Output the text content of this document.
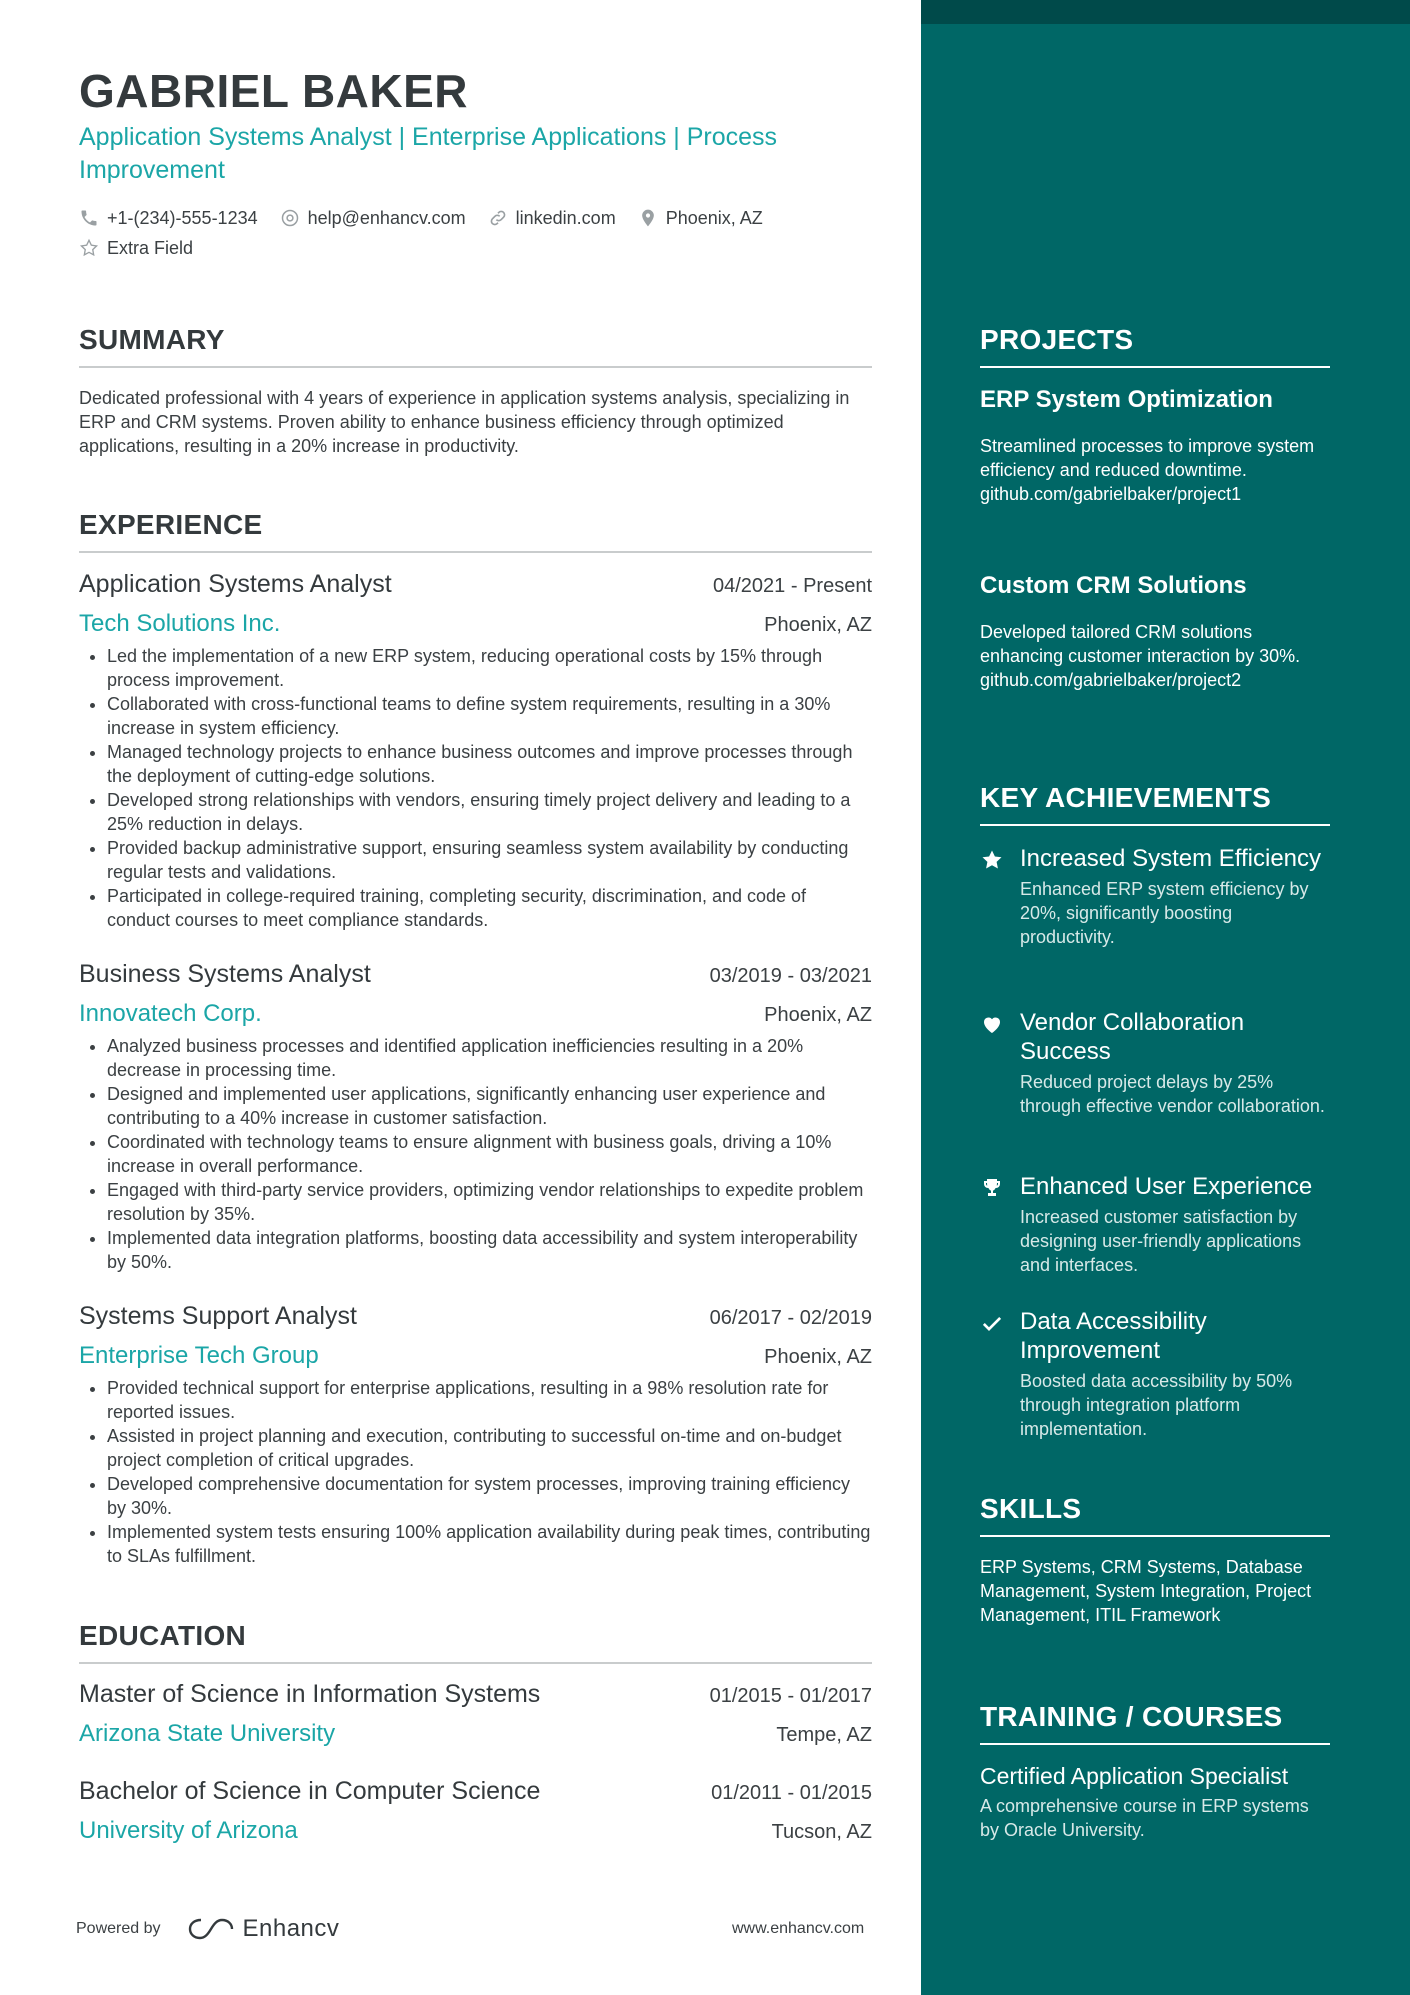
GABRIEL BAKER

Application Systems Analyst | Enterprise Applications | Process Improvement

+1-(234)-555-1234	help@enhancv.com	linkedin.com	Phoenix, AZ
Extra Field
SUMMARY

Dedicated professional with 4 years of experience in application systems analysis, specializing in ERP and CRM systems. Proven ability to enhance business efficiency through optimized applications, resulting in a 20% increase in productivity.

EXPERIENCE
Application Systems Analyst	04/2021 - Present
Tech Solutions Inc.	Phoenix, AZ
• Led the implementation of a new ERP system, reducing operational costs by 15% through process improvement.
• Collaborated with cross-functional teams to define system requirements, resulting in a 30% increase in system efficiency.
• Managed technology projects to enhance business outcomes and improve processes through the deployment of cutting-edge solutions.
• Developed strong relationships with vendors, ensuring timely project delivery and leading to a 25% reduction in delays.
• Provided backup administrative support, ensuring seamless system availability by conducting regular tests and validations.
• Participated in college-required training, completing security, discrimination, and code of conduct courses to meet compliance standards.
Business Systems Analyst	03/2019 - 03/2021
Innovatech Corp.	Phoenix, AZ
• Analyzed business processes and identified application inefficiencies resulting in a 20% decrease in processing time.
• Designed and implemented user applications, significantly enhancing user experience and contributing to a 40% increase in customer satisfaction.
• Coordinated with technology teams to ensure alignment with business goals, driving a 10% increase in overall performance.
• Engaged with third-party service providers, optimizing vendor relationships to expedite problem resolution by 35%.
• Implemented data integration platforms, boosting data accessibility and system interoperability by 50%.
Systems Support Analyst	06/2017 - 02/2019
Enterprise Tech Group	Phoenix, AZ
• Provided technical support for enterprise applications, resulting in a 98% resolution rate for reported issues.
• Assisted in project planning and execution, contributing to successful on-time and on-budget project completion of critical upgrades.
• Developed comprehensive documentation for system processes, improving training efficiency by 30%.
• Implemented system tests ensuring 100% application availability during peak times, contributing to SLAs fulfillment.
EDUCATION
Master of Science in Information Systems	01/2015 - 01/2017
Arizona State University	Tempe, AZ
Bachelor of Science in Computer Science	01/2011 - 01/2015
University of Arizona	Tucson, AZ
Powered by	Enhancv	www.enhancv.com
PROJECTS

ERP System Optimization

Streamlined processes to improve system efficiency and reduced downtime.

github.com/gabrielbaker/project1

Custom CRM Solutions

Developed tailored CRM solutions enhancing customer interaction by 30%.

github.com/gabrielbaker/project2

KEY ACHIEVEMENTS

Increased System Efficiency

Enhanced ERP system efficiency by 20%, significantly boosting productivity.

Vendor Collaboration Success

Reduced project delays by 25% through effective vendor collaboration.

Enhanced User Experience

Increased customer satisfaction by designing user-friendly applications and interfaces.

Data Accessibility Improvement

Boosted data accessibility by 50% through integration platform implementation.

SKILLS

ERP Systems, CRM Systems, Database Management, System Integration, Project Management, ITIL Framework

TRAINING / COURSES

Certified Application Specialist

A comprehensive course in ERP systems by Oracle University.
